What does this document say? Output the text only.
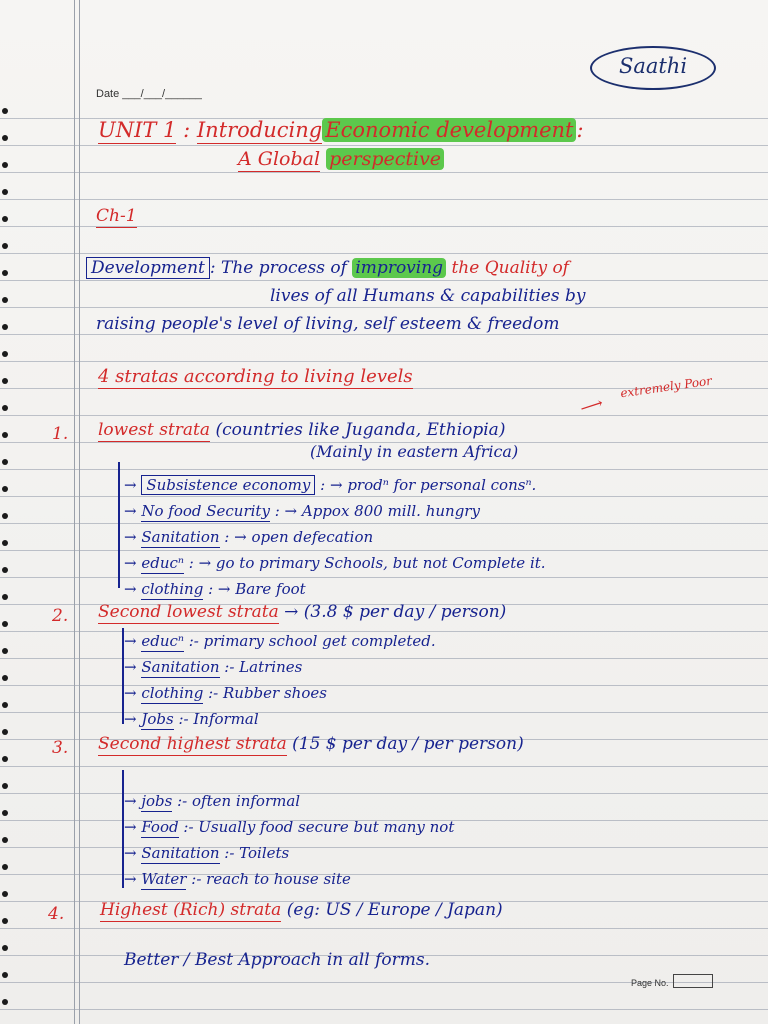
Saathi
Date ___/___/______
UNIT 1 : Introducing Economic development :
A Global perspective
Ch-1
Development : The process of improving the Quality of
lives of all Humans & capabilities by
raising people's level of living, self esteem & freedom
4 stratas according to living levels	extremely Poor
⟶
1. lowest strata (countries like Juganda, Ethiopia)
(Mainly in eastern Africa)
→ Subsistence economy : → prodⁿ for personal consⁿ.
→ No food Security : → Appox 800 mill. hungry
→ Sanitation : → open defecation
→ educⁿ : → go to primary Schools, but not Complete it.
→ clothing : → Bare foot
2. Second lowest strata → (3.8 $ per day / person)
→ educⁿ :- primary school get completed.
→ Sanitation :- Latrines
→ clothing :- Rubber shoes
→ Jobs :- Informal
3. Second highest strata (15 $ per day / per person)
→ jobs :- often informal
→ Food :- Usually food secure but many not
→ Sanitation :- Toilets
→ Water :- reach to house site
4. Highest (Rich) strata (eg: US / Europe / Japan)
Better / Best Approach in all forms.
Page No.
